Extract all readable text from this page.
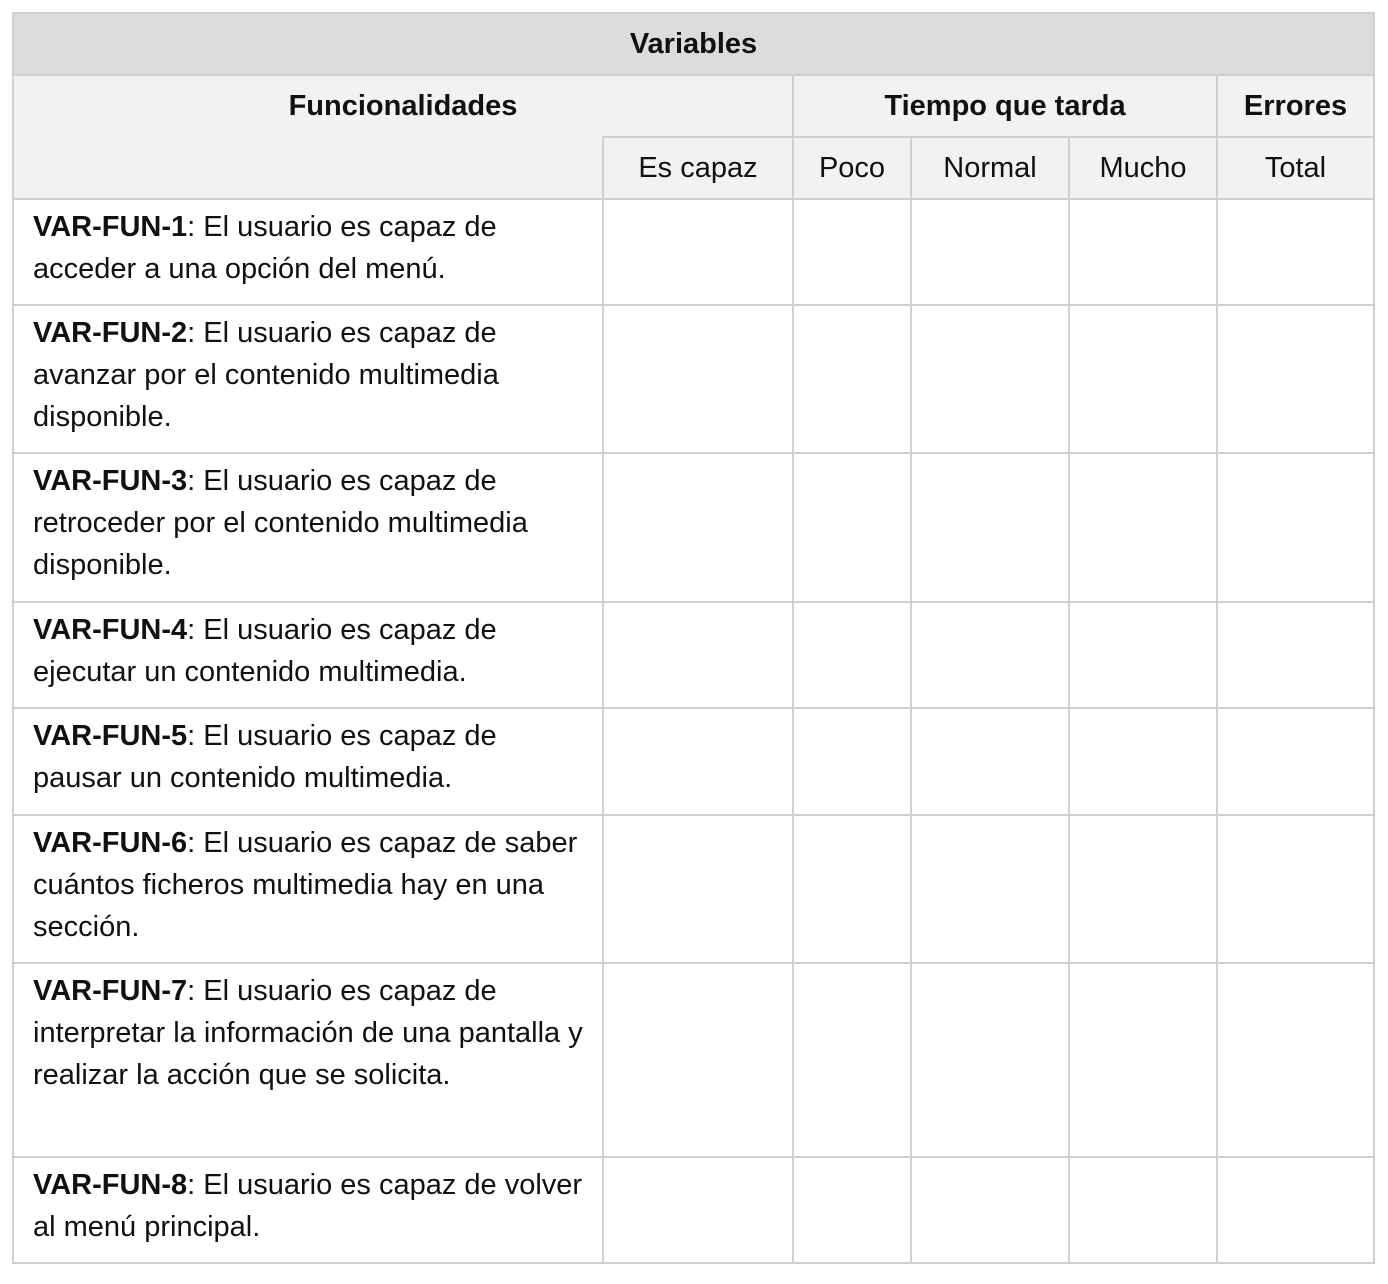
Variables					
Funcionalidades		Tiempo que tarda			Errores
	Es capaz	Poco	Normal	Mucho	Total
VAR-FUN-1: El usuario es capaz de acceder a una opción del menú.					
VAR-FUN-2: El usuario es capaz de avanzar por el contenido multimedia disponible.					
VAR-FUN-3: El usuario es capaz de retroceder por el contenido multimedia disponible.					
VAR-FUN-4: El usuario es capaz de ejecutar un contenido multimedia.					
VAR-FUN-5: El usuario es capaz de pausar un contenido multimedia.					
VAR-FUN-6: El usuario es capaz de saber cuántos ficheros multimedia hay en una sección.					
VAR-FUN-7: El usuario es capaz de interpretar la información de una pantalla y realizar la acción que se solicita.					
VAR-FUN-8: El usuario es capaz de volver al menú principal.					
